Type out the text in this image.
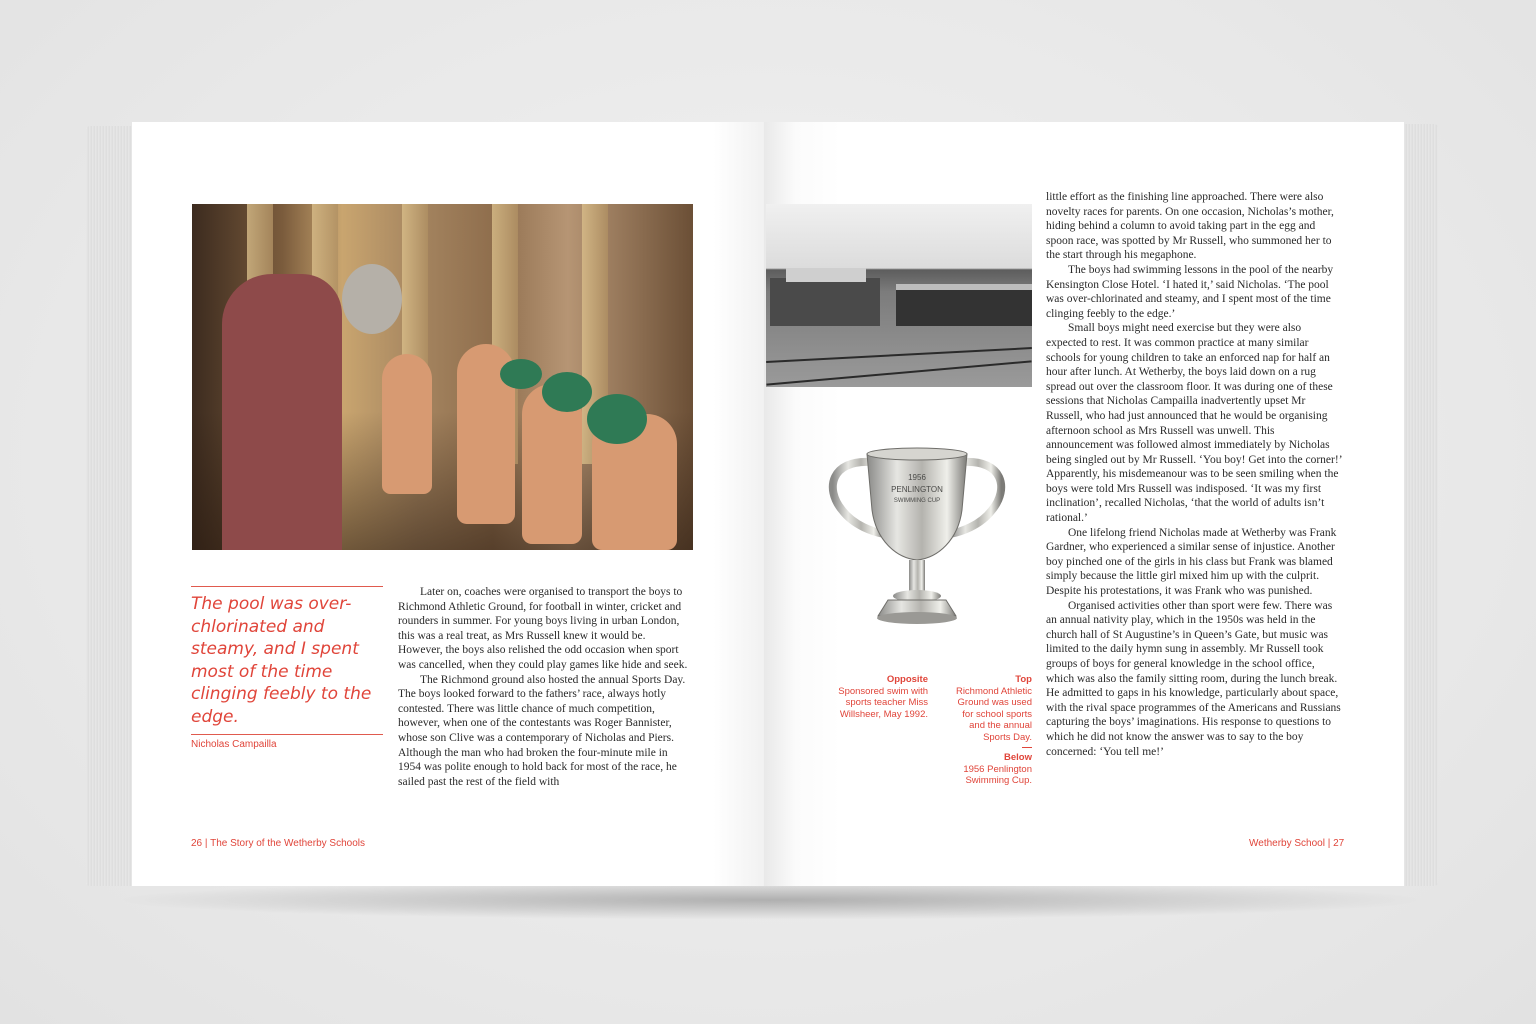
The pool was over-chlorinated and steamy, and I spent most of the time clinging feebly to the edge.
Nicholas Campailla

Later on, coaches were organised to transport the boys to Richmond Athletic Ground, for football in winter, cricket and rounders in summer. For young boys living in urban London, this was a real treat, as Mrs Russell knew it would be. However, the boys also relished the odd occasion when sport was cancelled, when they could play games like hide and seek.

The Richmond ground also hosted the annual Sports Day. The boys looked forward to the fathers’ race, always hotly contested. There was little chance of much competition, however, when one of the contestants was Roger Bannister, whose son Clive was a contemporary of Nicholas and Piers. Although the man who had broken the four-minute mile in 1954 was polite enough to hold back for most of the race, he sailed past the rest of the field with

26 | The Story of the Wetherby Schools
1956
PENLINGTON
SWIMMING CUP
Opposite
Sponsored swim with sports teacher Miss Willsheer, May 1992.
Top
Richmond Athletic Ground was used for school sports and the annual Sports Day.
Below
1956 Penlington Swimming Cup.

little effort as the finishing line approached. There were also novelty races for parents. On one occasion, Nicholas’s mother, hiding behind a column to avoid taking part in the egg and spoon race, was spotted by Mr Russell, who summoned her to the start through his megaphone.

The boys had swimming lessons in the pool of the nearby Kensington Close Hotel. ‘I hated it,’ said Nicholas. ‘The pool was over-chlorinated and steamy, and I spent most of the time clinging feebly to the edge.’

Small boys might need exercise but they were also expected to rest. It was common practice at many similar schools for young children to take an enforced nap for half an hour after lunch. At Wetherby, the boys laid down on a rug spread out over the classroom floor. It was during one of these sessions that Nicholas Campailla inadvertently upset Mr Russell, who had just announced that he would be organising afternoon school as Mrs Russell was unwell. This announcement was followed almost immediately by Nicholas being singled out by Mr Russell. ‘You boy! Get into the corner!’ Apparently, his misdemeanour was to be seen smiling when the boys were told Mrs Russell was indisposed. ‘It was my first inclination’, recalled Nicholas, ‘that the world of adults isn’t rational.’

One lifelong friend Nicholas made at Wetherby was Frank Gardner, who experienced a similar sense of injustice. Another boy pinched one of the girls in his class but Frank was blamed simply because the little girl mixed him up with the culprit. Despite his protestations, it was Frank who was punished.

Organised activities other than sport were few. There was an annual nativity play, which in the 1950s was held in the church hall of St Augustine’s in Queen’s Gate, but music was limited to the daily hymn sung in assembly. Mr Russell took groups of boys for general knowledge in the school office, which was also the family sitting room, during the lunch break. He admitted to gaps in his knowledge, particularly about space, with the rival space programmes of the Americans and Russians capturing the boys’ imaginations. His response to questions to which he did not know the answer was to say to the boy concerned: ‘You tell me!’

Wetherby School | 27
